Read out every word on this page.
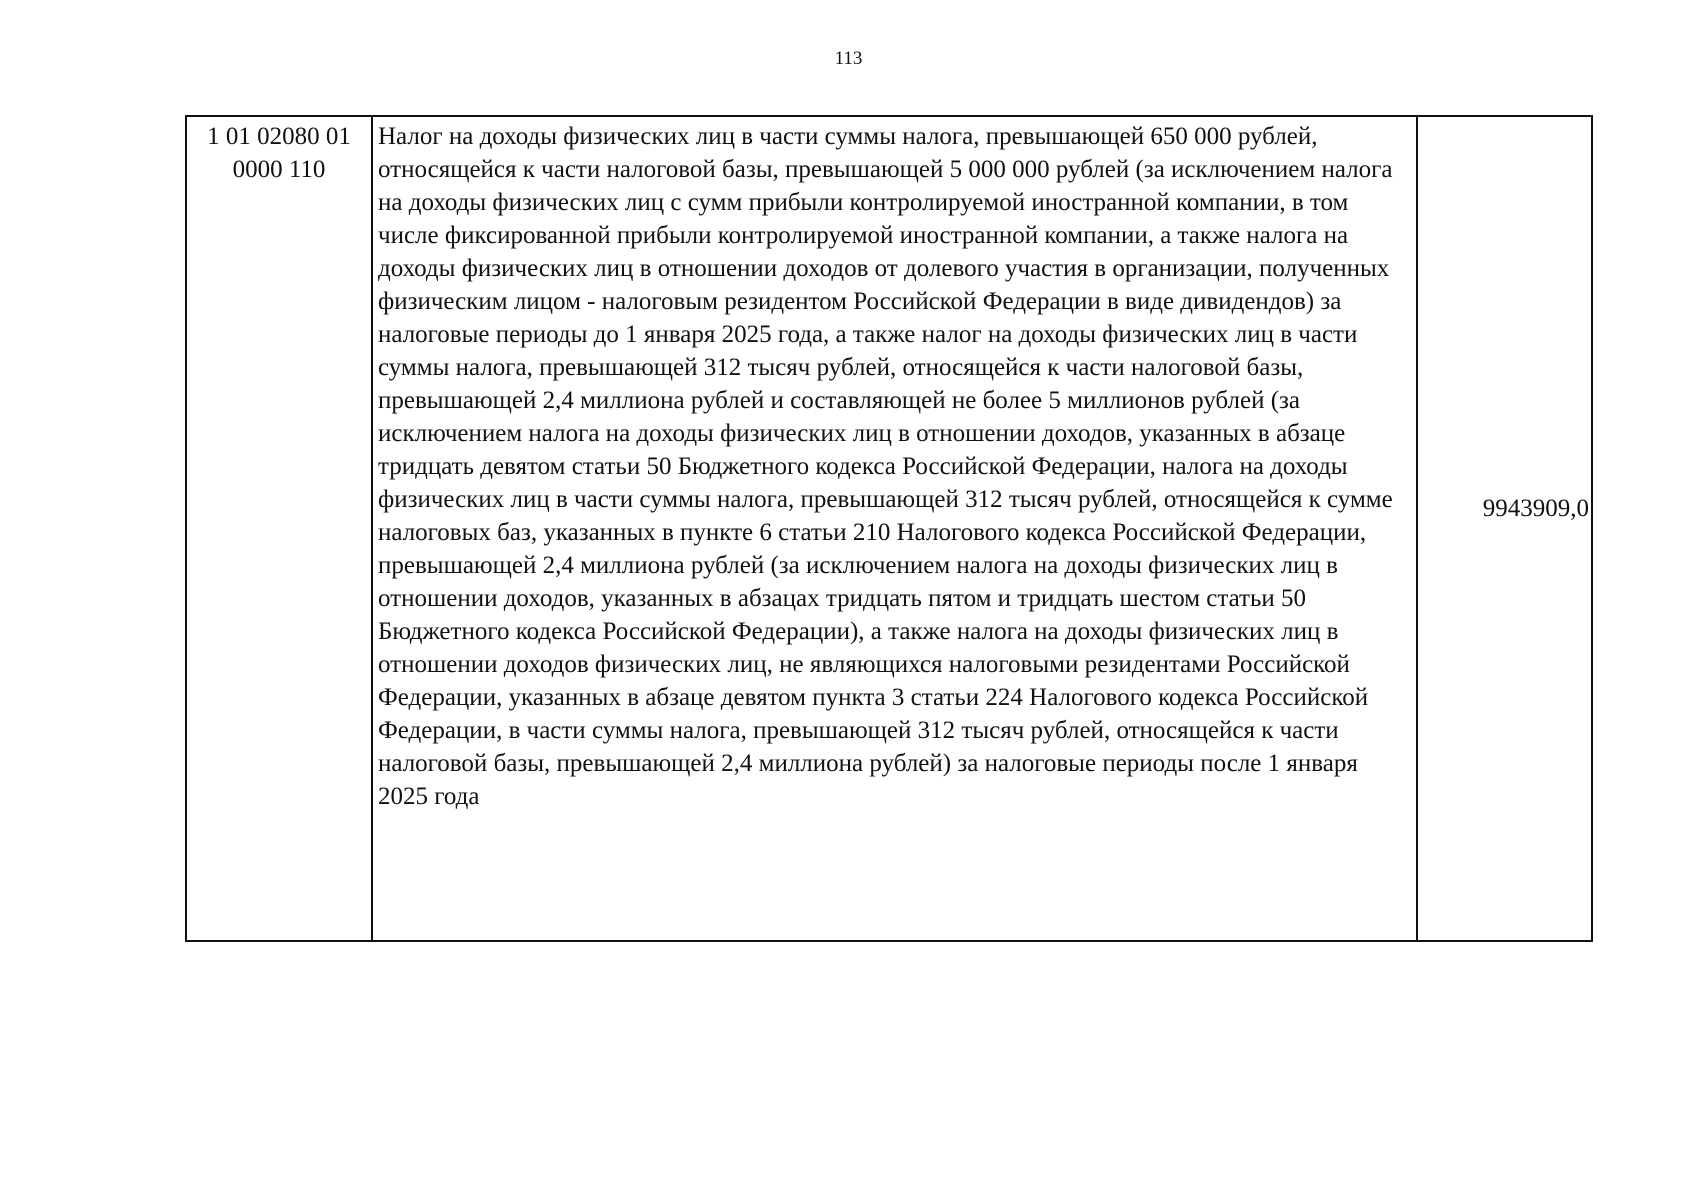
113
1 01 02080 01
0000 110
	Налог на доходы физических лиц в части суммы налога, превышающей 650 000 рублей, относящейся к части налоговой базы, превышающей 5 000 000 рублей (за исключением налога на доходы физических лиц с сумм прибыли контролируемой иностранной компании, в том числе фиксированной прибыли контролируемой иностранной компании, а также налога на доходы физических лиц в отношении доходов от долевого участия в организации, полученных физическим лицом - налоговым резидентом Российской Федерации в виде дивидендов) за налоговые периоды до 1 января 2025 года, а также налог на доходы физических лиц в части суммы налога, превышающей 312 тысяч рублей, относящейся к части налоговой базы, превышающей 2,4 миллиона рублей и составляющей не более 5 миллионов рублей (за исключением налога на доходы физических лиц в отношении доходов, указанных в абзаце тридцать девятом статьи 50 Бюджетного кодекса Российской Федерации, налога на доходы физических лиц в части суммы налога, превышающей 312 тысяч рублей, относящейся к сумме налоговых баз, указанных в пункте 6 статьи 210 Налогового кодекса Российской Федерации, превышающей 2,4 миллиона рублей (за исключением налога на доходы физических лиц в отношении доходов, указанных в абзацах тридцать пятом и тридцать шестом статьи 50 Бюджетного кодекса Российской Федерации), а также налога на доходы физических лиц в отношении доходов физических лиц, не являющихся налоговыми резидентами Российской Федерации, указанных в абзаце девятом пункта 3 статьи 224 Налогового кодекса Российской Федерации, в части суммы налога, превышающей 312 тысяч рублей, относящейся к части налоговой базы, превышающей 2,4 миллиона рублей) за налоговые периоды после 1 января 2025 года	9943909,0
